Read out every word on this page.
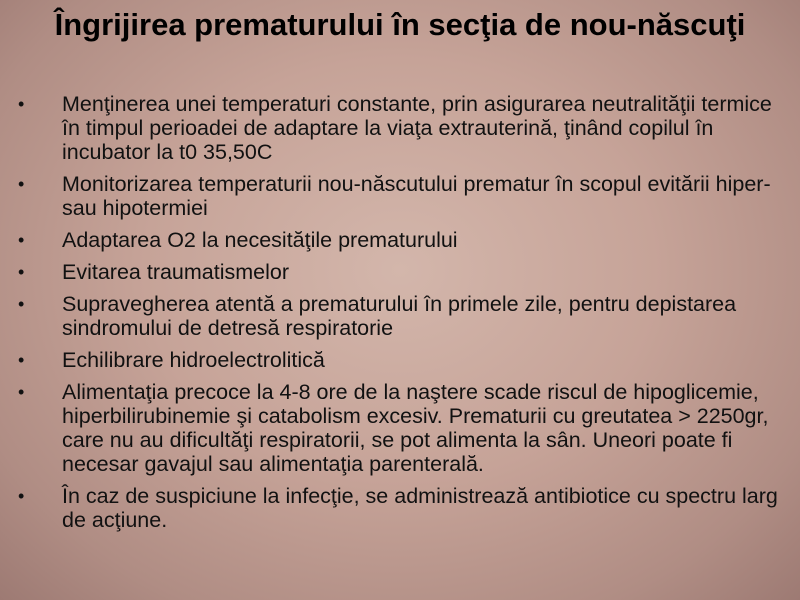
Îngrijirea prematurului în secţia de nou-născuţi
• Menţinerea unei temperaturi constante, prin asigurarea neutralităţii termice în timpul perioadei de adaptare la viaţa extrauterină, ţinând copilul în incubator la t0 35,50C
• Monitorizarea temperaturii nou-născutului prematur în scopul evitării hiper- sau hipotermiei
• Adaptarea O2 la necesităţile prematurului
• Evitarea traumatismelor
• Supravegherea atentă a prematurului în primele zile, pentru depistarea sindromului de detresă respiratorie
• Echilibrare hidroelectrolitică
• Alimentaţia precoce la 4-8 ore de la naştere scade riscul de hipoglicemie, hiperbilirubinemie şi catabolism excesiv. Prematurii cu greutatea > 2250gr, care nu au dificultăţi respiratorii, se pot alimenta la sân. Uneori poate fi necesar gavajul sau alimentaţia parenterală.
• În caz de suspiciune la infecţie, se administrează antibiotice cu spectru larg de acţiune.
